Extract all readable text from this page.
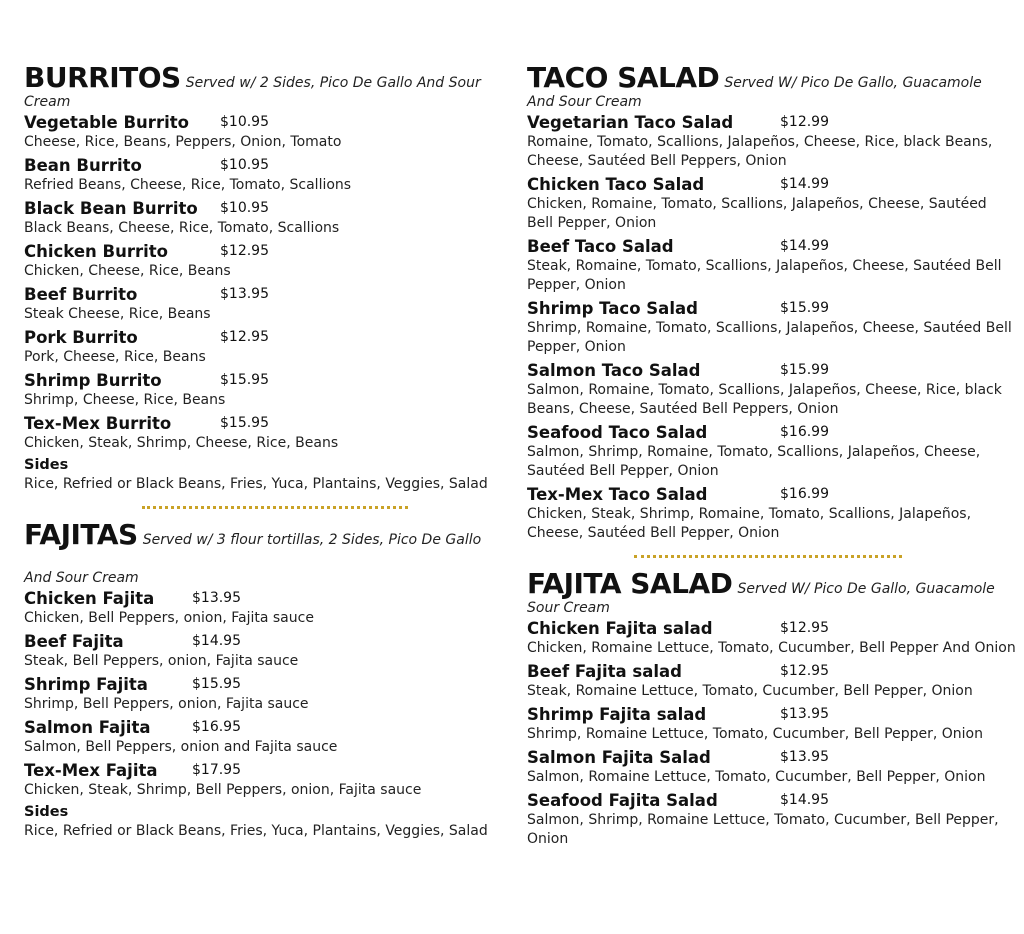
BURRITOS Served w/ 2 Sides, Pico De Gallo And Sour
Cream
Vegetable Burrito $10.95
Cheese, Rice, Beans, Peppers, Onion, Tomato
Bean Burrito	$10.95
Refried Beans, Cheese, Rice, Tomato, Scallions
Black Bean Burrito $10.95
Black Beans, Cheese, Rice, Tomato, Scallions
Chicken Burrito	$12.95
Chicken, Cheese, Rice, Beans
Beef Burrito	$13.95
Steak Cheese, Rice, Beans
Pork Burrito	$12.95
Pork, Cheese, Rice, Beans
Shrimp Burrito	$15.95
Shrimp, Cheese, Rice, Beans
Tex-Mex Burrito	$15.95
Chicken, Steak, Shrimp, Cheese, Rice, Beans
Sides
Rice, Refried or Black Beans, Fries, Yuca, Plantains, Veggies, Salad
FAJITAS Served w/ 3 flour tortillas, 2 Sides, Pico De Gallo
And Sour Cream
Chicken Fajita	$13.95
Chicken, Bell Peppers, onion, Fajita sauce
Beef Fajita	$14.95
Steak, Bell Peppers, onion, Fajita sauce
Shrimp Fajita	$15.95
Shrimp, Bell Peppers, onion, Fajita sauce
Salmon Fajita	$16.95
Salmon, Bell Peppers, onion and Fajita sauce
Tex-Mex Fajita $17.95
Chicken, Steak, Shrimp, Bell Peppers, onion, Fajita sauce
Sides
Rice, Refried or Black Beans, Fries, Yuca, Plantains, Veggies, Salad
TACO SALAD Served W/ Pico De Gallo, Guacamole
And Sour Cream
Vegetarian Taco Salad	$12.99
Romaine, Tomato, Scallions, Jalapeños, Cheese, Rice, black Beans, Cheese, Sautéed Bell Peppers, Onion
Chicken Taco Salad	$14.99
Chicken, Romaine, Tomato, Scallions, Jalapeños, Cheese, Sautéed Bell Pepper, Onion
Beef Taco Salad	$14.99
Steak, Romaine, Tomato, Scallions, Jalapeños, Cheese, Sautéed Bell Pepper, Onion
Shrimp Taco Salad	$15.99
Shrimp, Romaine, Tomato, Scallions, Jalapeños, Cheese, Sautéed Bell Pepper, Onion
Salmon Taco Salad	$15.99
Salmon, Romaine, Tomato, Scallions, Jalapeños, Cheese, Rice, black Beans, Cheese, Sautéed Bell Peppers, Onion
Seafood Taco Salad	$16.99
Salmon, Shrimp, Romaine, Tomato, Scallions, Jalapeños, Cheese, Sautéed Bell Pepper, Onion
Tex-Mex Taco Salad	$16.99
Chicken, Steak, Shrimp, Romaine, Tomato, Scallions, Jalapeños, Cheese, Sautéed Bell Pepper, Onion
FAJITA SALAD Served W/ Pico De Gallo, Guacamole
Sour Cream
Chicken Fajita salad	$12.95
Chicken, Romaine Lettuce, Tomato, Cucumber, Bell Pepper And Onion
Beef Fajita salad	$12.95
Steak, Romaine Lettuce, Tomato, Cucumber, Bell Pepper, Onion
Shrimp Fajita salad	$13.95
Shrimp, Romaine Lettuce, Tomato, Cucumber, Bell Pepper, Onion
Salmon Fajita Salad	$13.95
Salmon, Romaine Lettuce, Tomato, Cucumber, Bell Pepper, Onion
Seafood Fajita Salad	$14.95
Salmon, Shrimp, Romaine Lettuce, Tomato, Cucumber, Bell Pepper, Onion
